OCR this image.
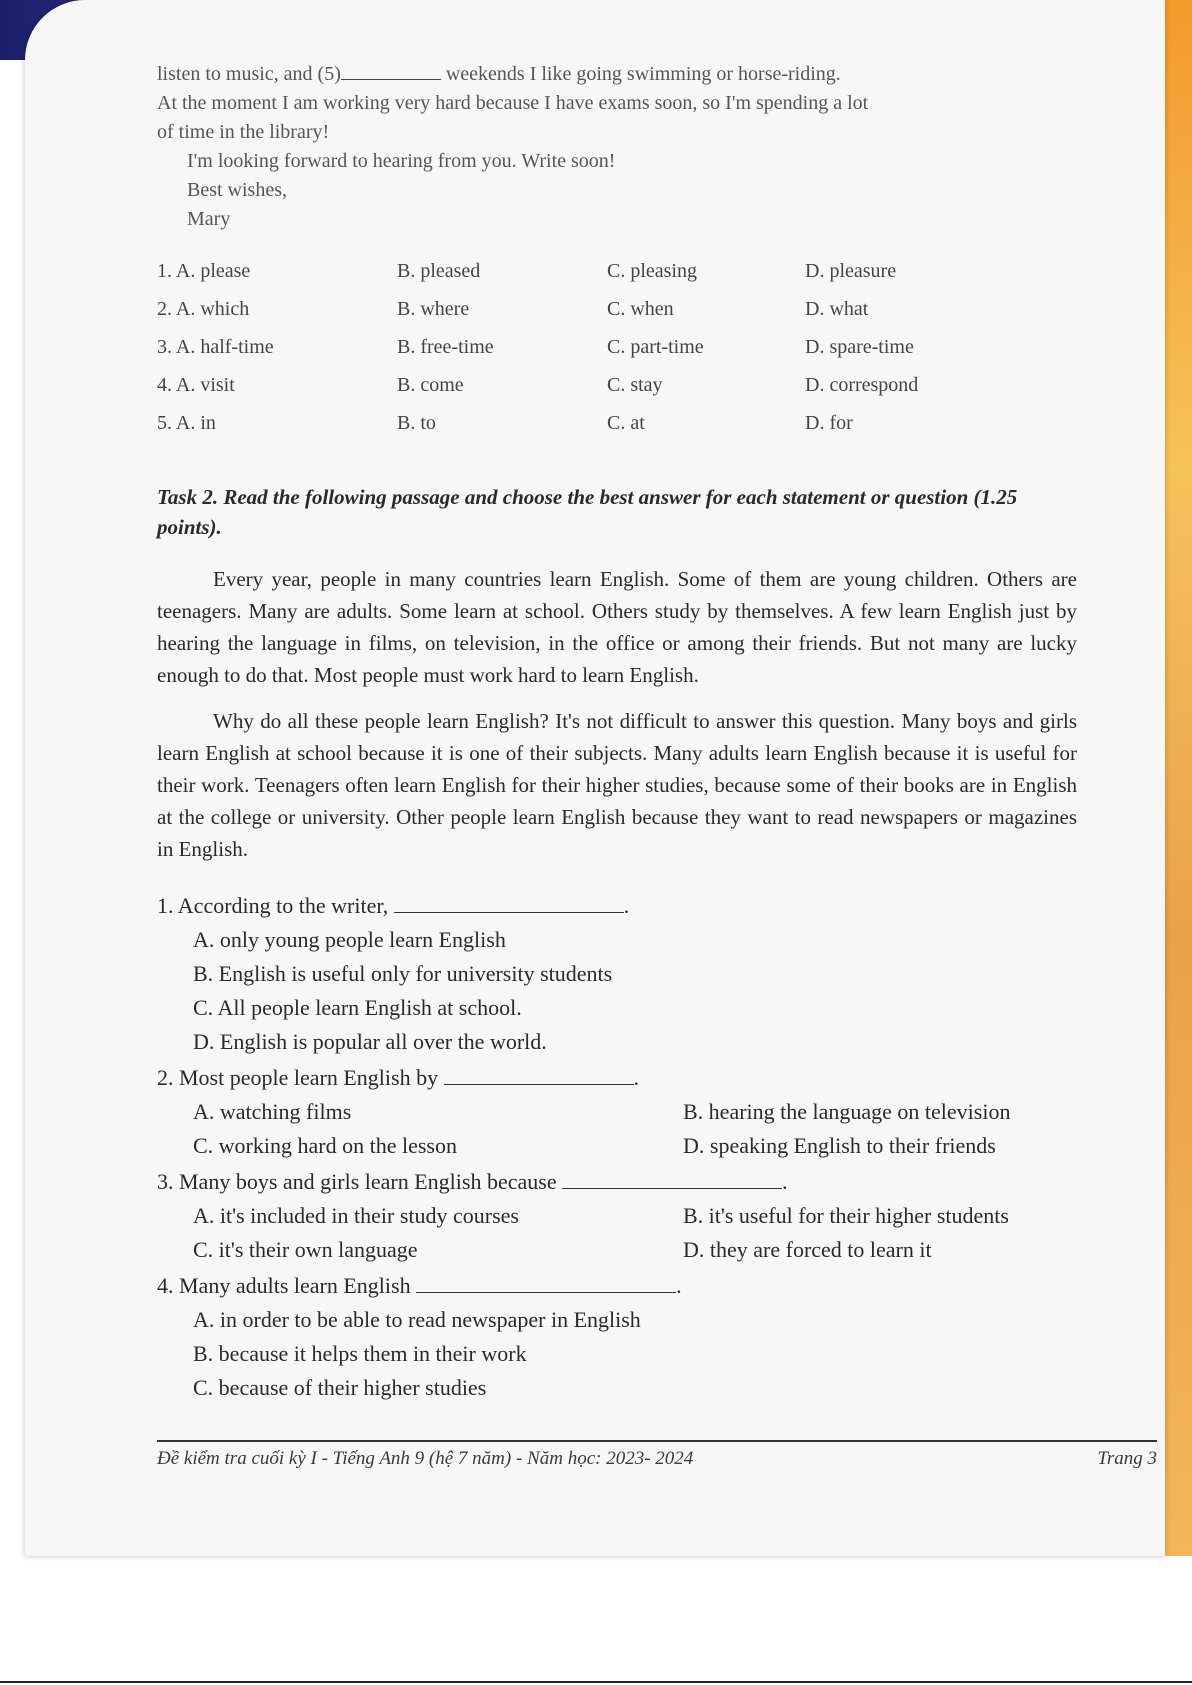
listen to music, and (5)	weekends I like going swimming or horse-riding.

At the moment I am working very hard because I have exams soon, so I'm spending a lot

of time in the library!

I'm looking forward to hearing from you. Write soon!

Best wishes,

Mary

1. A. please	B. pleased	C. pleasing	D. pleasure
2. A. which	B. where	C. when	D. what
3. A. half-time	B. free-time	C. part-time	D. spare-time
4. A. visit	B. come	C. stay	D. correspond
5. A. in	B. to	C. at	D. for

Task 2. Read the following passage and choose the best answer for each statement or question (1.25 points).

Every year, people in many countries learn English. Some of them are young children. Others are teenagers. Many are adults. Some learn at school. Others study by themselves. A few learn English just by hearing the language in films, on television, in the office or among their friends. But not many are lucky enough to do that. Most people must work hard to learn English.

Why do all these people learn English? It's not difficult to answer this question. Many boys and girls learn English at school because it is one of their subjects. Many adults learn English because it is useful for their work. Teenagers often learn English for their higher studies, because some of their books are in English at the college or university. Other people learn English because they want to read newspapers or magazines in English.

1. According to the writer,	.
A. only young people learn English
B. English is useful only for university students
C. All people learn English at school.
D. English is popular all over the world.
2. Most people learn English by	.
A. watching films	B. hearing the language on television
C. working hard on the lesson	D. speaking English to their friends
3. Many boys and girls learn English because	.
A. it's included in their study courses	B. it's useful for their higher students
C. it's their own language	D. they are forced to learn it
4. Many adults learn English	.
A. in order to be able to read newspaper in English
B. because it helps them in their work
C. because of their higher studies
Đề kiểm tra cuối kỳ I - Tiếng Anh 9 (hệ 7 năm) - Năm học: 2023- 2024	Trang 3
